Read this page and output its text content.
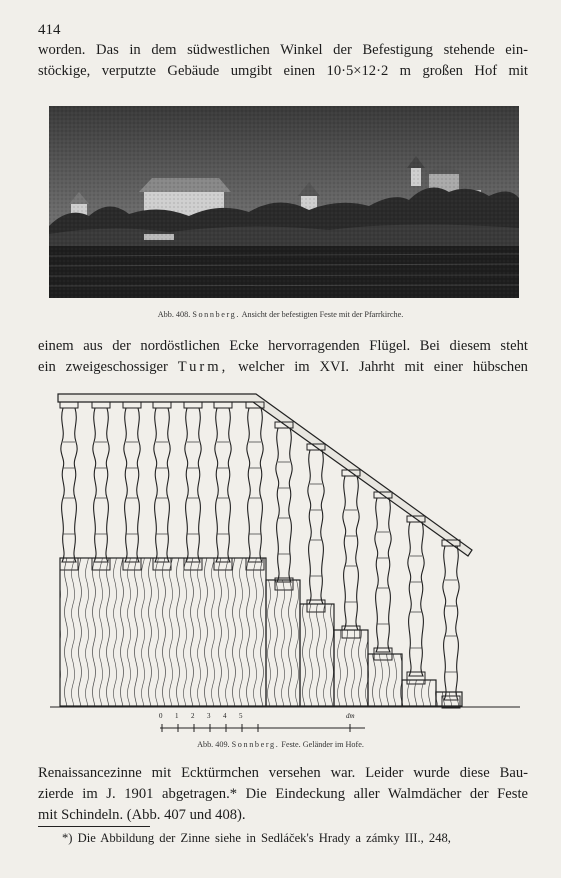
414
worden. Das in dem südwestlichen Winkel der Befestigung stehende ein-
stöckige, verputzte Gebäude umgibt einen 10·5×12·2 m großen Hof mit
Abb. 408. Sonnberg. Ansicht der befestigten Feste mit der Pfarrkirche.
einem aus der nordöstlichen Ecke hervorragenden Flügel. Bei diesem steht
ein zweigeschossiger Turm, welcher im XVI. Jahrht mit einer hübschen
0 1 2 3 4 5	dm
Abb. 409. Sonnberg. Feste. Geländer im Hofe.
Renaissancezinne mit Ecktürmchen versehen war. Leider wurde diese Bau-
zierde im J. 1901 abgetragen.* Die Eindeckung aller Walmdächer der Feste
mit Schindeln. (Abb. 407 und 408).
*) Die Abbildung der Zinne siehe in Sedláček's Hrady a zámky III., 248,
